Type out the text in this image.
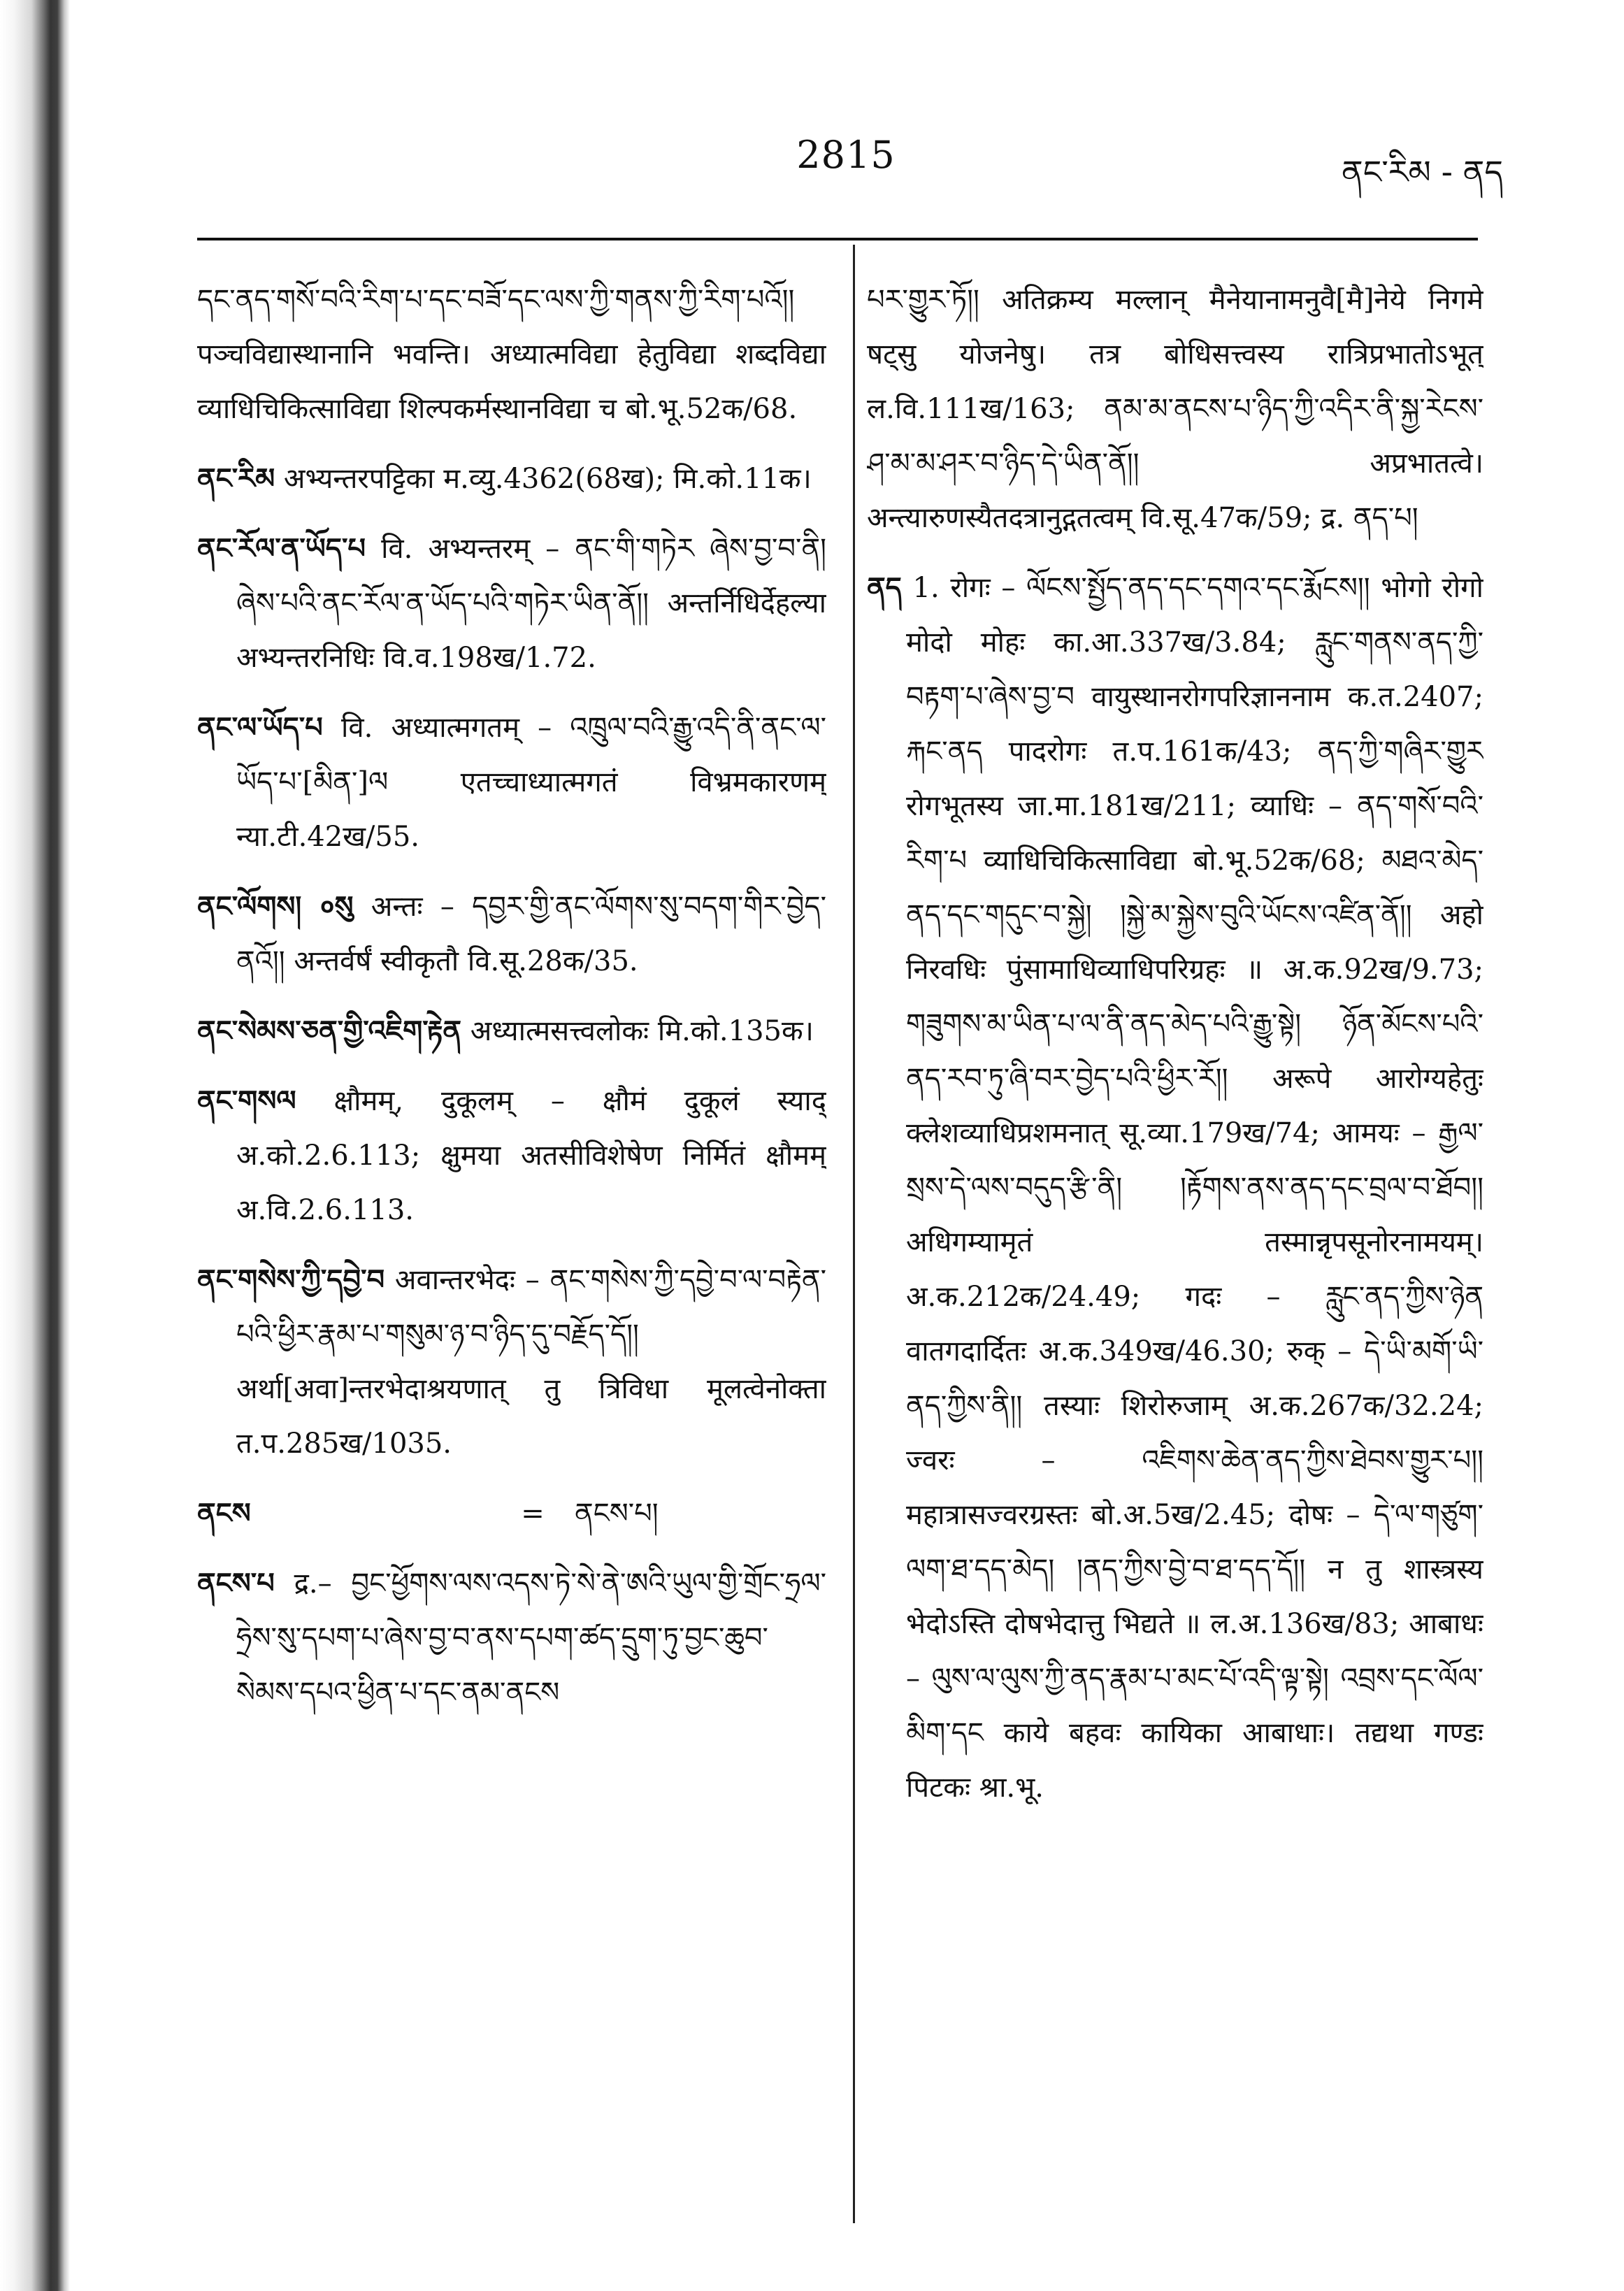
2815	ནང་རིམ - ནད

དང་ནད་གསོ་བའི་རིག་པ་དང་བཟོ་དང་ལས་ཀྱི་གནས་ཀྱི་རིག་པའོ།། पञ्चविद्यास्थानानि भवन्ति। अध्यात्मविद्या हेतुविद्या शब्दविद्या व्याधिचिकित्साविद्या शिल्पकर्मस्थानविद्या च बो.भू.52क/68.

ནང་རིམ अभ्यन्तरपट्टिका म.व्यु.4362(68ख); मि.को.11क।

ནང་རོལ་ན་ཡོད་པ वि. अभ्यन्तरम् – ནང་གི་གཏེར ཞེས་བྱ་བ་ནི། ཞེས་པའི་ནང་རོལ་ན་ཡོད་པའི་གཏེར་ཡིན་ནོ།། अन्तर्निधिर्देहल्या अभ्यन्तरनिधिः वि.व.198ख/1.72.

ནང་ལ་ཡོད་པ वि. अध्यात्मगतम् – འཁྲུལ་བའི་རྒྱུ་འདི་ནི་ནང་ལ་ཡོད་པ་[མིན་]ལ एतच्चाध्यात्मगतं विभ्रमकारणम् न्या.टी.42ख/55.

ནང་ལོགས། ०སུ अन्तः – དབྱར་གྱི་ནང་ལོགས་སུ་བདག་གིར་བྱེད་ནའོ།། अन्तर्वर्षं स्वीकृतौ वि.सू.28क/35.

ནང་སེམས་ཅན་གྱི་འཇིག་རྟེན अध्यात्मसत्त्वलोकः मि.को.135क।

ནང་གསལ क्षौमम्, दुकूलम् – क्षौमं दुकूलं स्याद् अ.को.2.6.113; क्षुमया अतसीविशेषेण निर्मितं क्षौमम् अ.वि.2.6.113.

ནང་གསེས་ཀྱི་དབྱེ་བ अवान्तरभेदः – ནང་གསེས་ཀྱི་དབྱེ་བ་ལ་བརྟེན་པའི་ཕྱིར་རྣམ་པ་གསུམ་ཉ་བ་ཉིད་དུ་བརྗོད་དོ།། अर्था[अवा]न्तरभेदाश्रयणात् तु त्रिविधा मूलत्वेनोक्ता त.प.285ख/1035.

ནངས	=	ནངས་པ།

ནངས་པ द्र.– བྱང་ཕྱོགས་ལས་འདས་ཏེ་སེ་ནེ་ཨའི་ཡུལ་གྱི་གྲོང་ཧྲལ་ཧྲེས་སུ་དཔག་པ་ཞེས་བྱ་བ་ནས་དཔག་ཚད་དྲུག་ཏུ་བྱང་ཆུབ་སེམས་དཔའ་ཕྱིན་པ་དང་ནམ་ནངས

པར་གྱུར་ཏོ།། अतिक्रम्य मल्लान् मैनेयानामनुवै[मै]नेये निगमे षट्सु योजनेषु। तत्र बोधिसत्त्वस्य रात्रिप्रभातोऽभूत् ल.वि.111ख/163; ནམ་མ་ནངས་པ་ཉིད་ཀྱི་འདིར་ནི་སྐྱ་རེངས་ཤ་མ་མ་ཤར་བ་ཉིད་དེ་ཡིན་ནོ།། अप्रभातत्वे। अन्त्यारुणस्यैतदत्रानुद्गतत्वम् वि.सू.47क/59; द्र. ནད་པ།

ནད 1. रोगः – ལོངས་སྤྱོད་ནད་དང་དགའ་དང་རྨོངས།། भोगो रोगो मोदो मोहः का.आ.337ख/3.84; རླུང་གནས་ནད་ཀྱི་བརྟག་པ་ཞེས་བྱ་བ वायुस्थानरोगपरिज्ञाननाम क.त.2407; རྐང་ནད पादरोगः त.प.161क/43; ནད་ཀྱི་གཞིར་གྱུར रोगभूतस्य जा.मा.181ख/211; व्याधिः – ནད་གསོ་བའི་རིག་པ व्याधिचिकित्साविद्या बो.भू.52क/68; མཐའ་མེད་ནད་དང་གདུང་བ་སྐྱེ། །སྐྱེ་མ་སྐྱེས་བུའི་ཡོངས་འཛིན་ནོ།། अहो निरवधिः पुंसामाधिव्याधिपरिग्रहः ॥ अ.क.92ख/9.73; གཟུགས་མ་ཡིན་པ་ལ་ནི་ནད་མེད་པའི་རྒྱུ་སྟེ། ཉོན་མོངས་པའི་ནད་རབ་ཏུ་ཞི་བར་བྱེད་པའི་ཕྱིར་རོ།། अरूपे आरोग्यहेतुः क्लेशव्याधिप्रशमनात् सू.व्या.179ख/74; आमयः – རྒྱལ་སྲས་དེ་ལས་བདུད་རྩི་ནི། །རྟོགས་ནས་ནད་དང་བྲལ་བ་ཐོབ།། अधिगम्यामृतं तस्मान्नृपसूनोरनामयम्। अ.क.212क/24.49; गदः – རླུང་ནད་ཀྱིས་ཉེན वातगदार्दितः अ.क.349ख/46.30; रुक् – དེ་ཡི་མགོ་ཡི་ནད་ཀྱིས་ནི།། तस्याः शिरोरुजाम् अ.क.267क/32.24; ज्वरः – འཇིགས་ཆེན་ནད་ཀྱིས་ཐེབས་གྱུར་པ།། महात्रासज्वरग्रस्तः बो.अ.5ख/2.45; दोषः – དེ་ལ་གཙུག་ལག་ཐ་དད་མེད། །ནད་ཀྱིས་བྱེ་བ་ཐ་དད་དོ།། न तु शास्त्रस्य भेदोऽस्ति दोषभेदात्तु भिद्यते ॥ ल.अ.136ख/83; आबाधः – ལུས་ལ་ལུས་ཀྱི་ནད་རྣམ་པ་མང་པོ་འདི་ལྟ་སྟེ། འབྲས་དང་ལོལ་མིག་དང काये बहवः कायिका आबाधाः। तद्यथा गण्डः पिटकः श्रा.भू.
